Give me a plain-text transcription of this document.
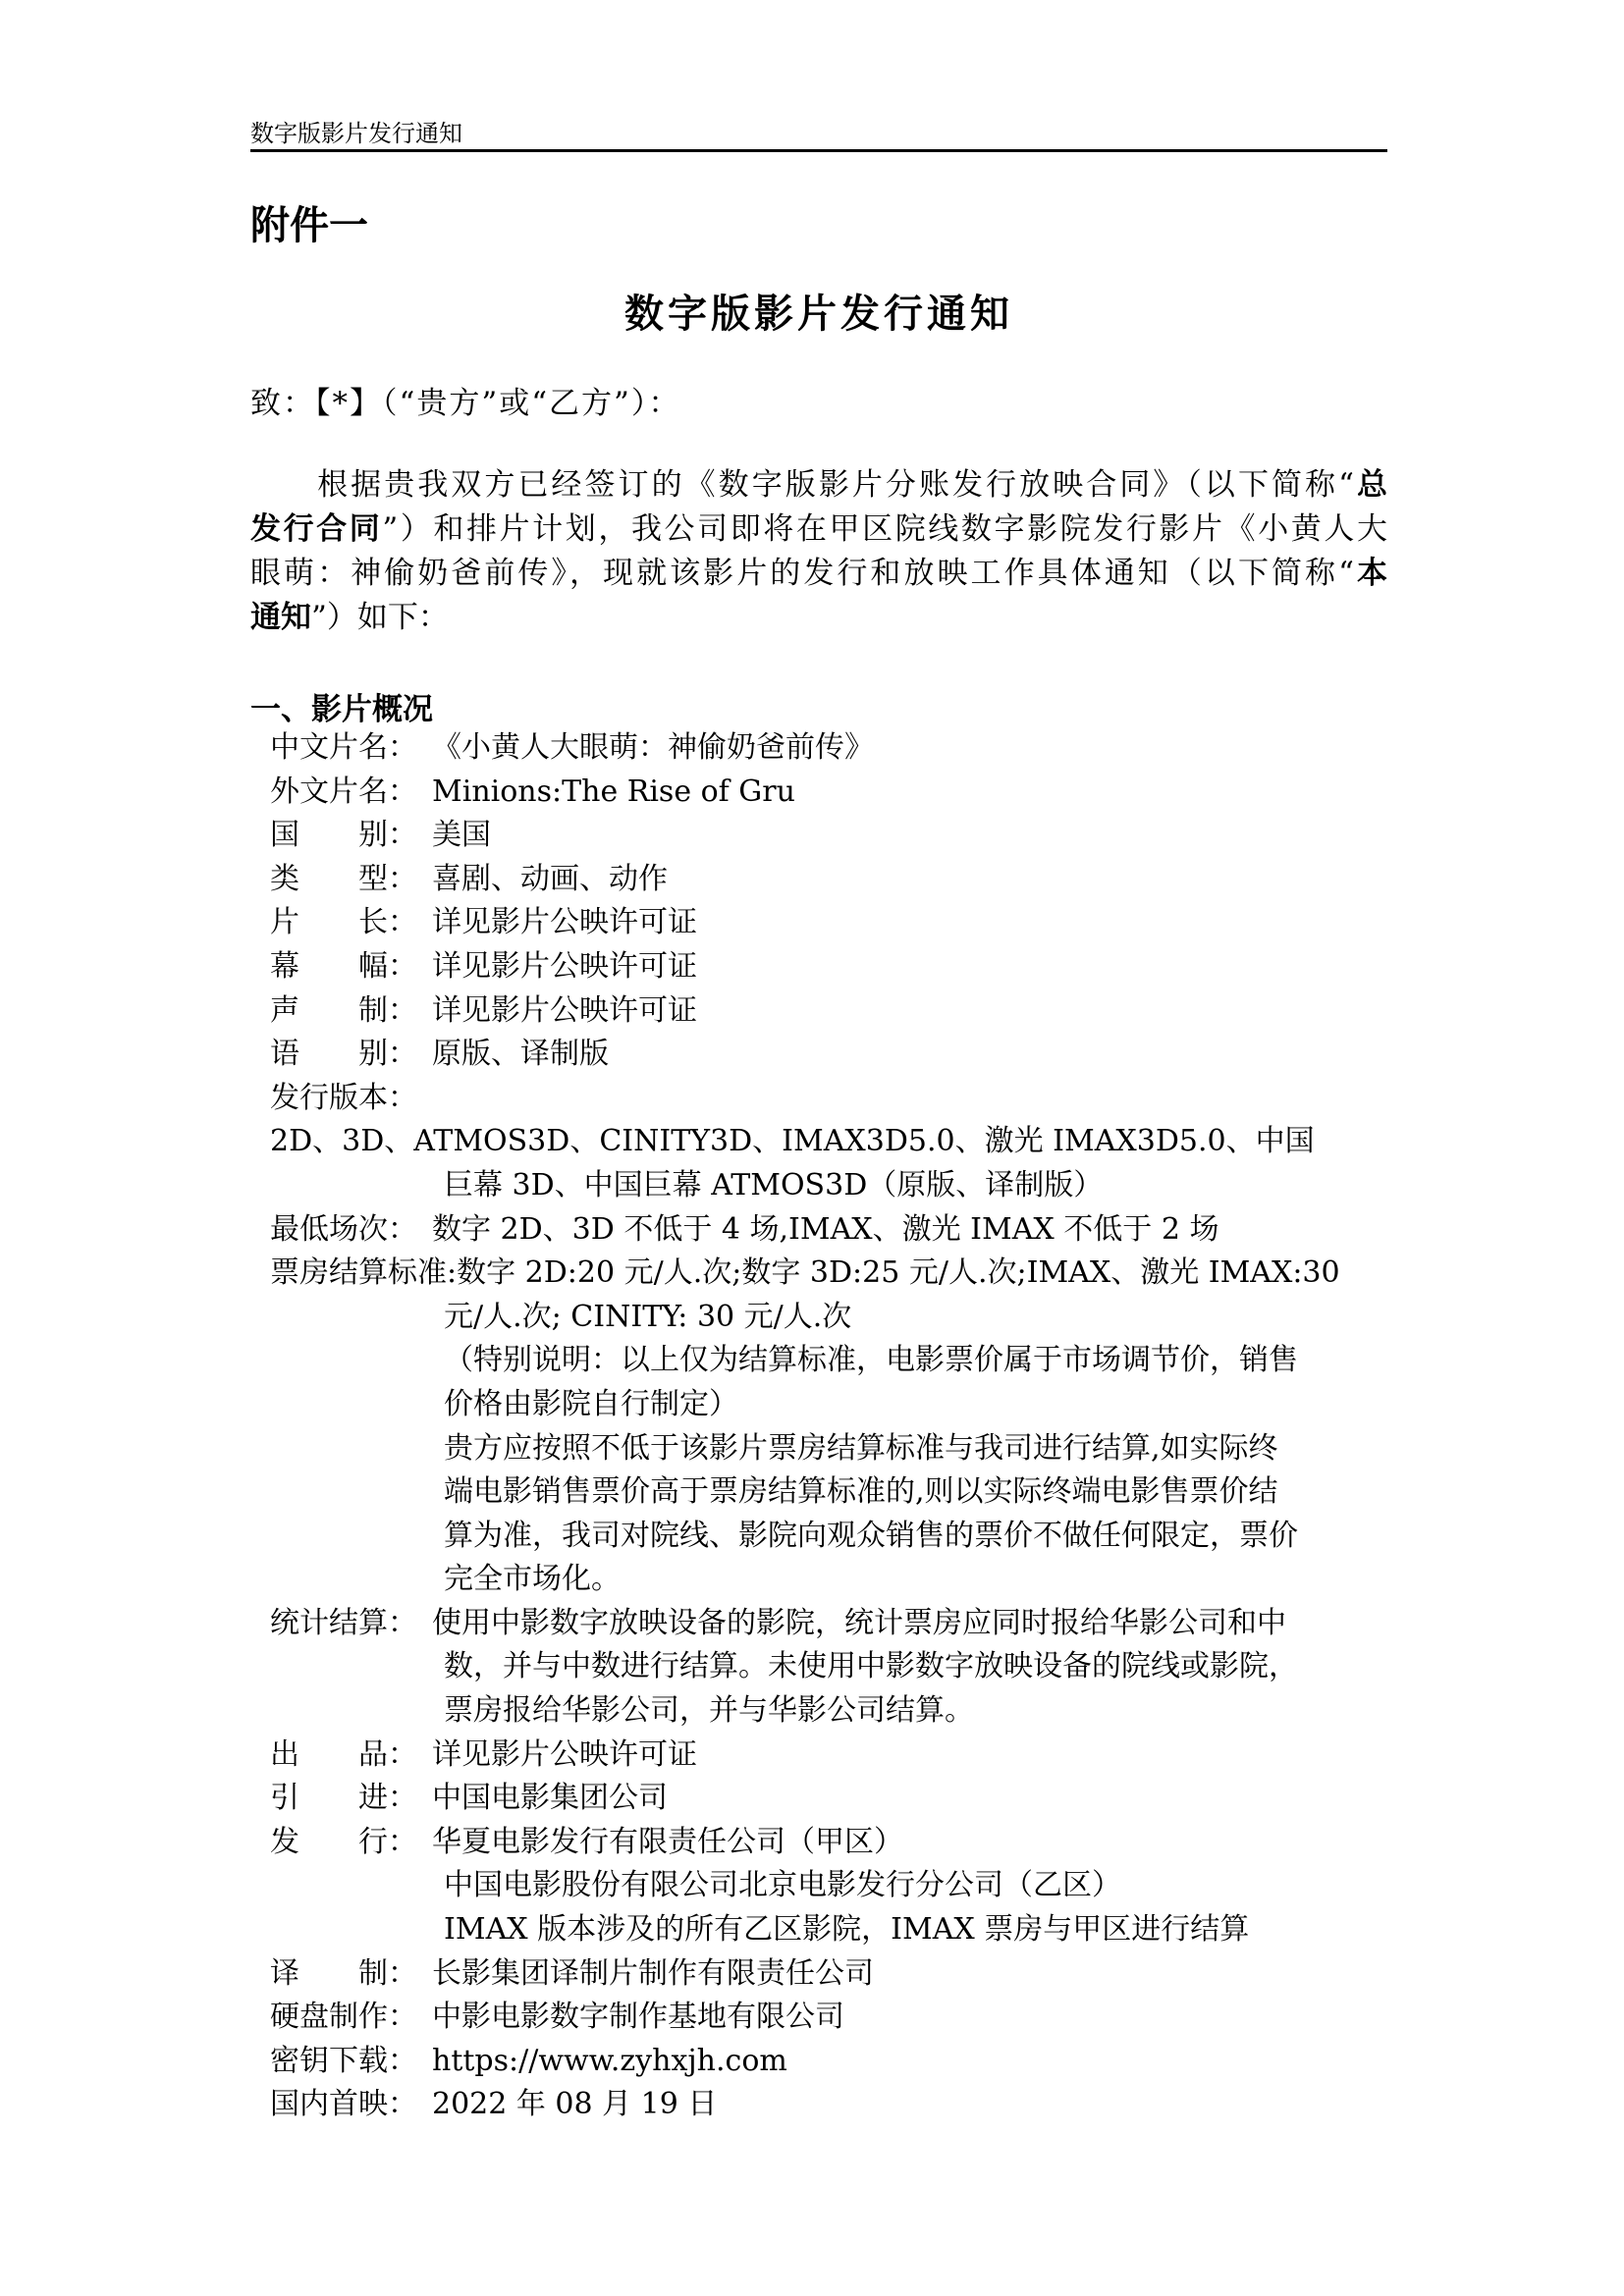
数字版影片发行通知
附件一
数字版影片发行通知
致：【*】（“贵方”或“乙方”）：
　　根据贵我双方已经签订的《数字版影片分账发行放映合同》（以下简称“总
发行合同”）和排片计划，我公司即将在甲区院线数字影院发行影片《小黄人大
眼萌：神偷奶爸前传》，现就该影片的发行和放映工作具体通知（以下简称“本
通知”）如下：
一、影片概况
中文片名： 《小黄人大眼萌：神偷奶爸前传》
外文片名： Minions:The Rise of Gru
国　　别： 美国
类　　型： 喜剧、动画、动作
片　　长： 详见影片公映许可证
幕　　幅： 详见影片公映许可证
声　　制： 详见影片公映许可证
语　　别： 原版、译制版
发行版本：2D、3D、ATMOS3D、CINITY3D、IMAX3D5.0、激光 IMAX3D5.0、中国
巨幕 3D、中国巨幕 ATMOS3D（原版、译制版）
最低场次： 数字 2D、3D 不低于 4 场,IMAX、激光 IMAX 不低于 2 场
票房结算标准:数字 2D:20 元/人.次;数字 3D:25 元/人.次;IMAX、激光 IMAX:30
元/人.次; CINITY: 30 元/人.次
（特别说明：以上仅为结算标准，电影票价属于市场调节价，销售
价格由影院自行制定）
贵方应按照不低于该影片票房结算标准与我司进行结算,如实际终
端电影销售票价高于票房结算标准的,则以实际终端电影售票价结
算为准，我司对院线、影院向观众销售的票价不做任何限定，票价
完全市场化。
统计结算： 使用中影数字放映设备的影院，统计票房应同时报给华影公司和中
数，并与中数进行结算。未使用中影数字放映设备的院线或影院，
票房报给华影公司，并与华影公司结算。
出　　品： 详见影片公映许可证
引　　进： 中国电影集团公司
发　　行： 华夏电影发行有限责任公司（甲区）
中国电影股份有限公司北京电影发行分公司（乙区）
IMAX 版本涉及的所有乙区影院，IMAX 票房与甲区进行结算
译　　制： 长影集团译制片制作有限责任公司
硬盘制作： 中影电影数字制作基地有限公司
密钥下载： https://www.zyhxjh.com
国内首映： 2022 年 08 月 19 日
